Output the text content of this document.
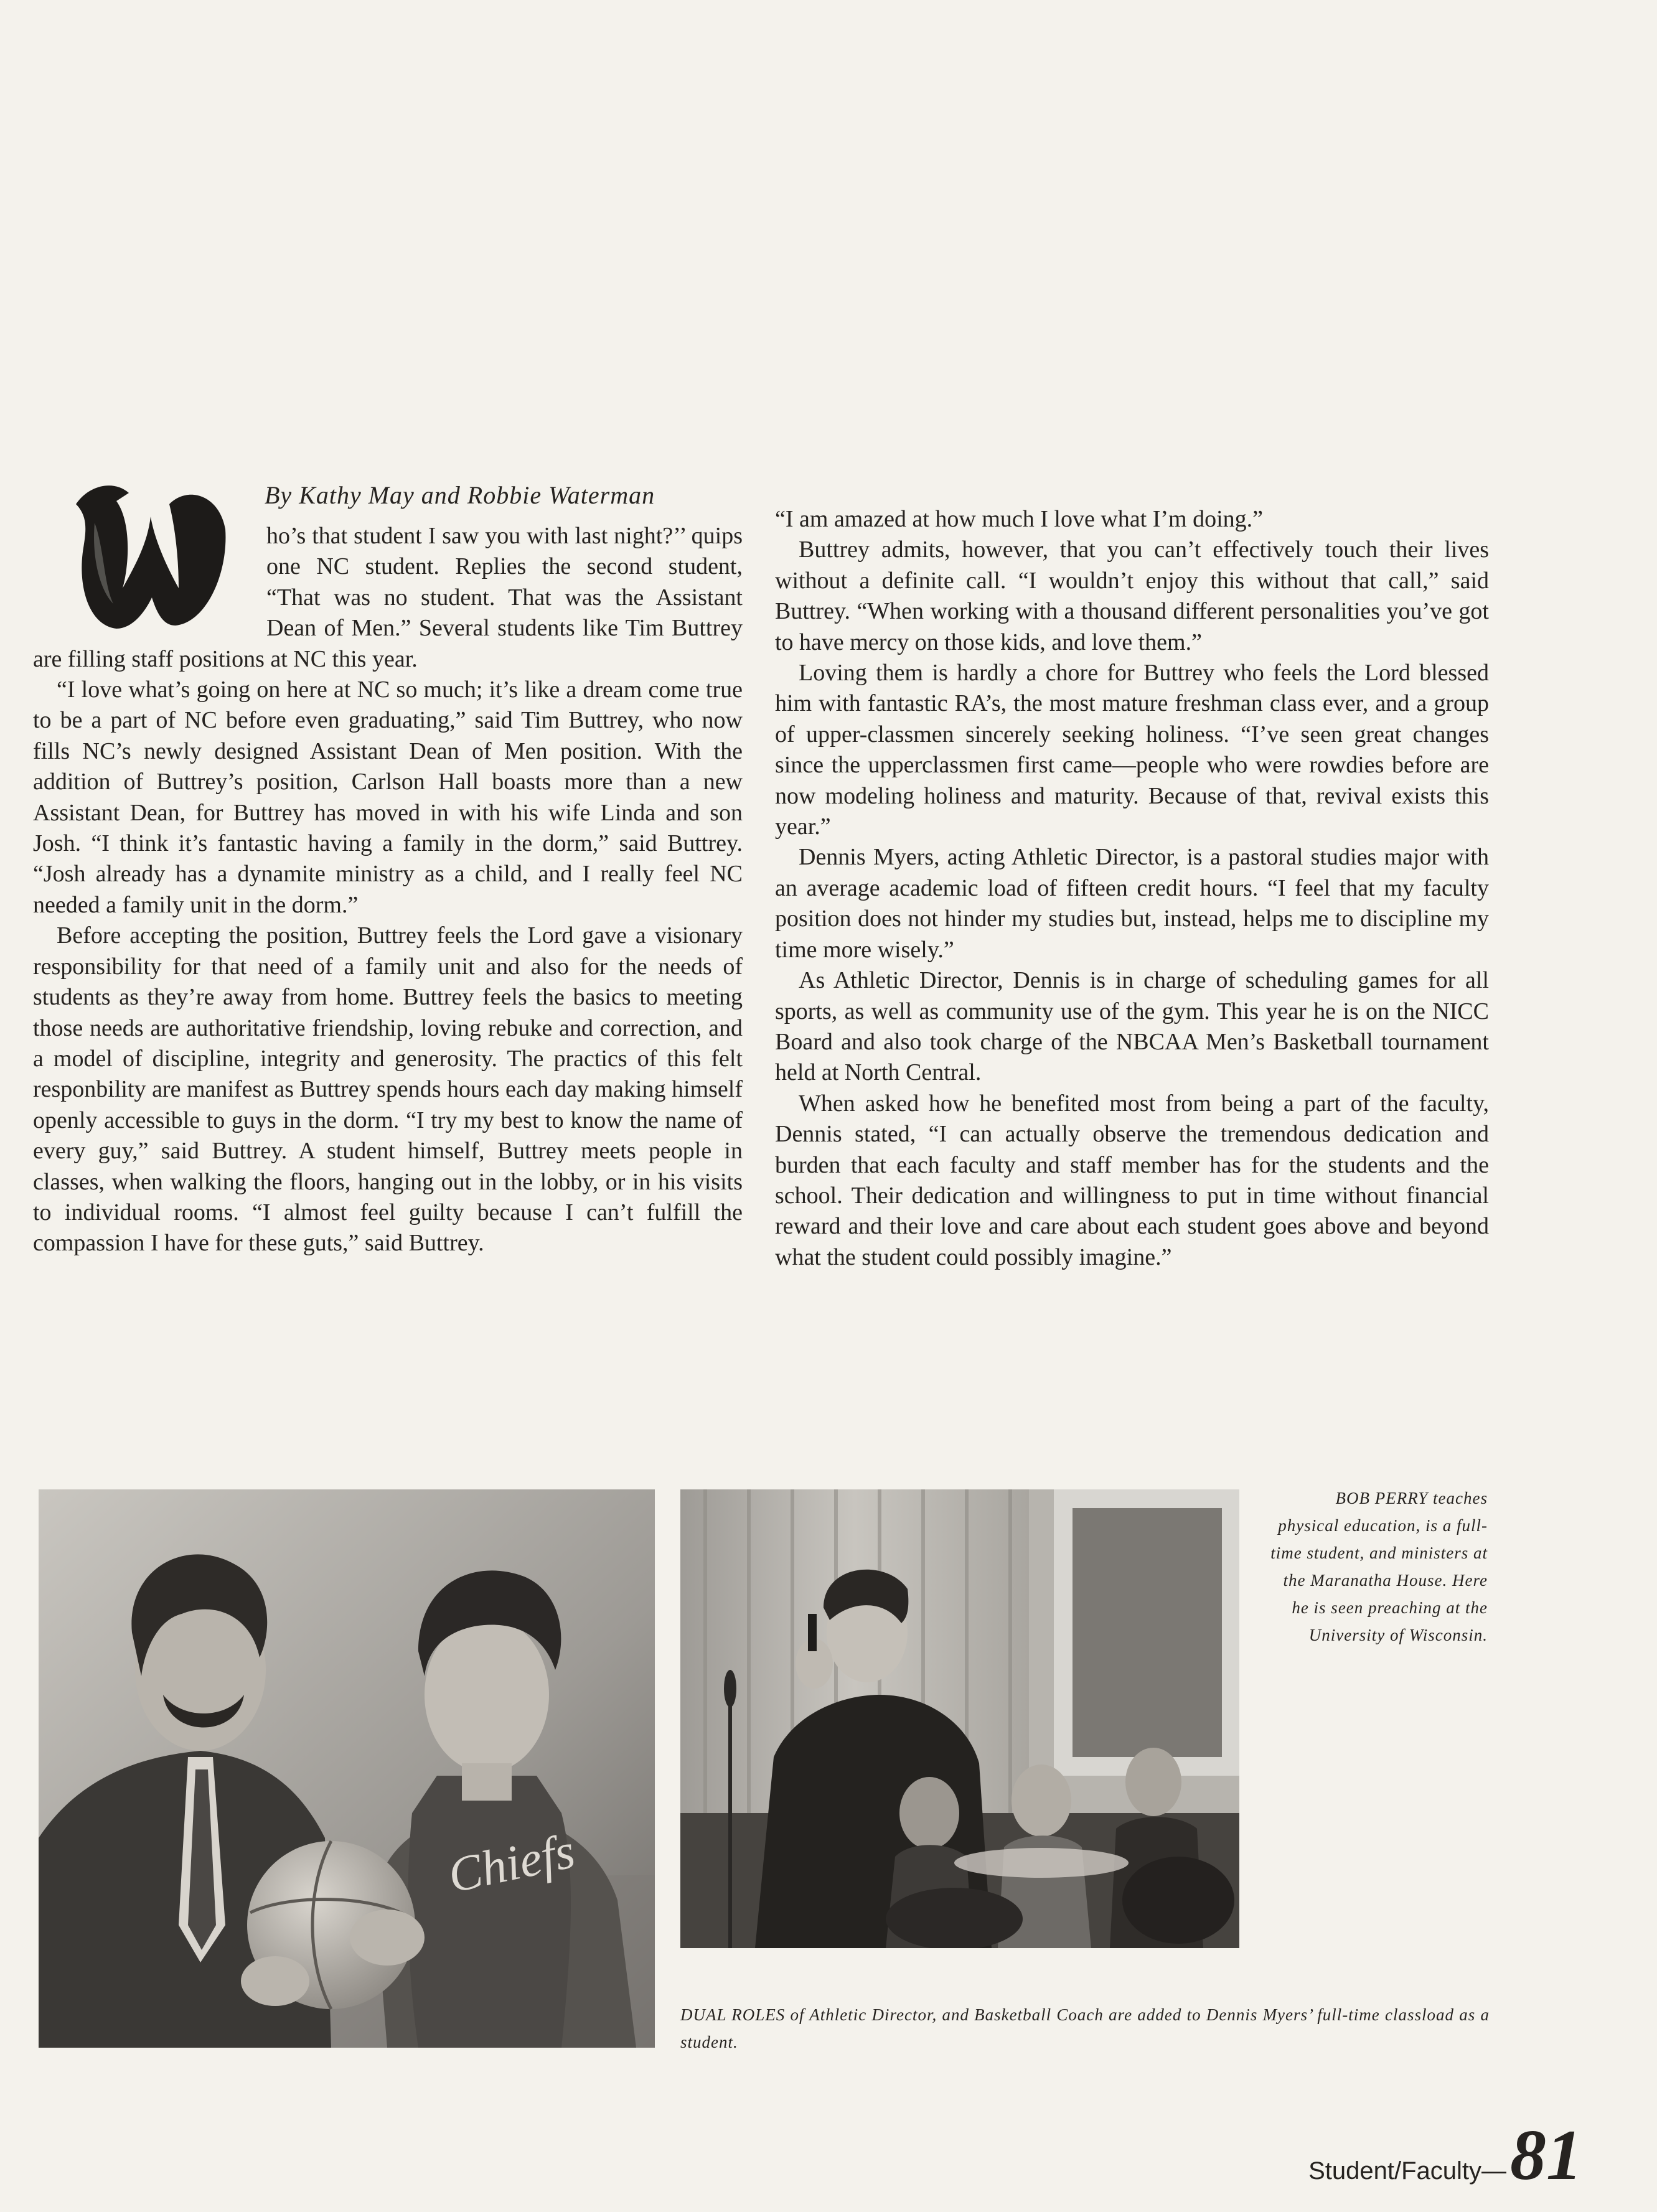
By Kathy May and Robbie Waterman

ho’s that student I saw you with last night?’’ quips one NC student. Replies the second student, “That was no student. That was the Assistant Dean of Men.” Several students like Tim Buttrey are filling staff positions at NC this year.

“I love what’s going on here at NC so much; it’s like a dream come true to be a part of NC before even graduating,” said Tim Buttrey, who now fills NC’s newly designed Assistant Dean of Men position. With the addition of Buttrey’s position, Carlson Hall boasts more than a new Assistant Dean, for Buttrey has moved in with his wife Linda and son Josh. “I think it’s fantastic having a family in the dorm,” said Buttrey. “Josh already has a dynamite ministry as a child, and I really feel NC needed a family unit in the dorm.”

Before accepting the position, Buttrey feels the Lord gave a visionary responsibility for that need of a family unit and also for the needs of students as they’re away from home. Buttrey feels the basics to meeting those needs are authoritative friendship, loving rebuke and correction, and a model of discipline, integrity and generosity. The practics of this felt responbility are manifest as Buttrey spends hours each day making himself openly accessible to guys in the dorm. “I try my best to know the name of every guy,” said Buttrey. A student himself, Buttrey meets people in classes, when walking the floors, hanging out in the lobby, or in his visits to individual rooms. “I almost feel guilty because I can’t fulfill the compassion I have for these guts,” said Buttrey.

“I am amazed at how much I love what I’m doing.”

Buttrey admits, however, that you can’t effectively touch their lives without a definite call. “I wouldn’t enjoy this without that call,” said Buttrey. “When working with a thousand different personalities you’ve got to have mercy on those kids, and love them.”

Loving them is hardly a chore for Buttrey who feels the Lord blessed him with fantastic RA’s, the most mature freshman class ever, and a group of upper-classmen sincerely seeking holiness. “I’ve seen great changes since the upperclassmen first came—people who were rowdies before are now modeling holiness and maturity. Because of that, revival exists this year.”

Dennis Myers, acting Athletic Director, is a pastoral studies major with an average academic load of fifteen credit hours. “I feel that my faculty position does not hinder my studies but, instead, helps me to discipline my time more wisely.”

As Athletic Director, Dennis is in charge of scheduling games for all sports, as well as community use of the gym. This year he is on the NICC Board and also took charge of the NBCAA Men’s Basketball tournament held at North Central.

When asked how he benefited most from being a part of the faculty, Dennis stated, “I can actually observe the tremendous dedication and burden that each faculty and staff member has for the students and the school. Their dedication and willingness to put in time without financial reward and their love and care about each student goes above and beyond what the student could possibly imagine.”

Chiefs
BOB PERRY teaches physical education, is a full-time student, and ministers at the Maranatha House. Here he is seen preaching at the University of Wisconsin.
DUAL ROLES of Athletic Director, and Basketball Coach are added to Dennis Myers’ full-time classload as a student.
Student/Faculty— 81
